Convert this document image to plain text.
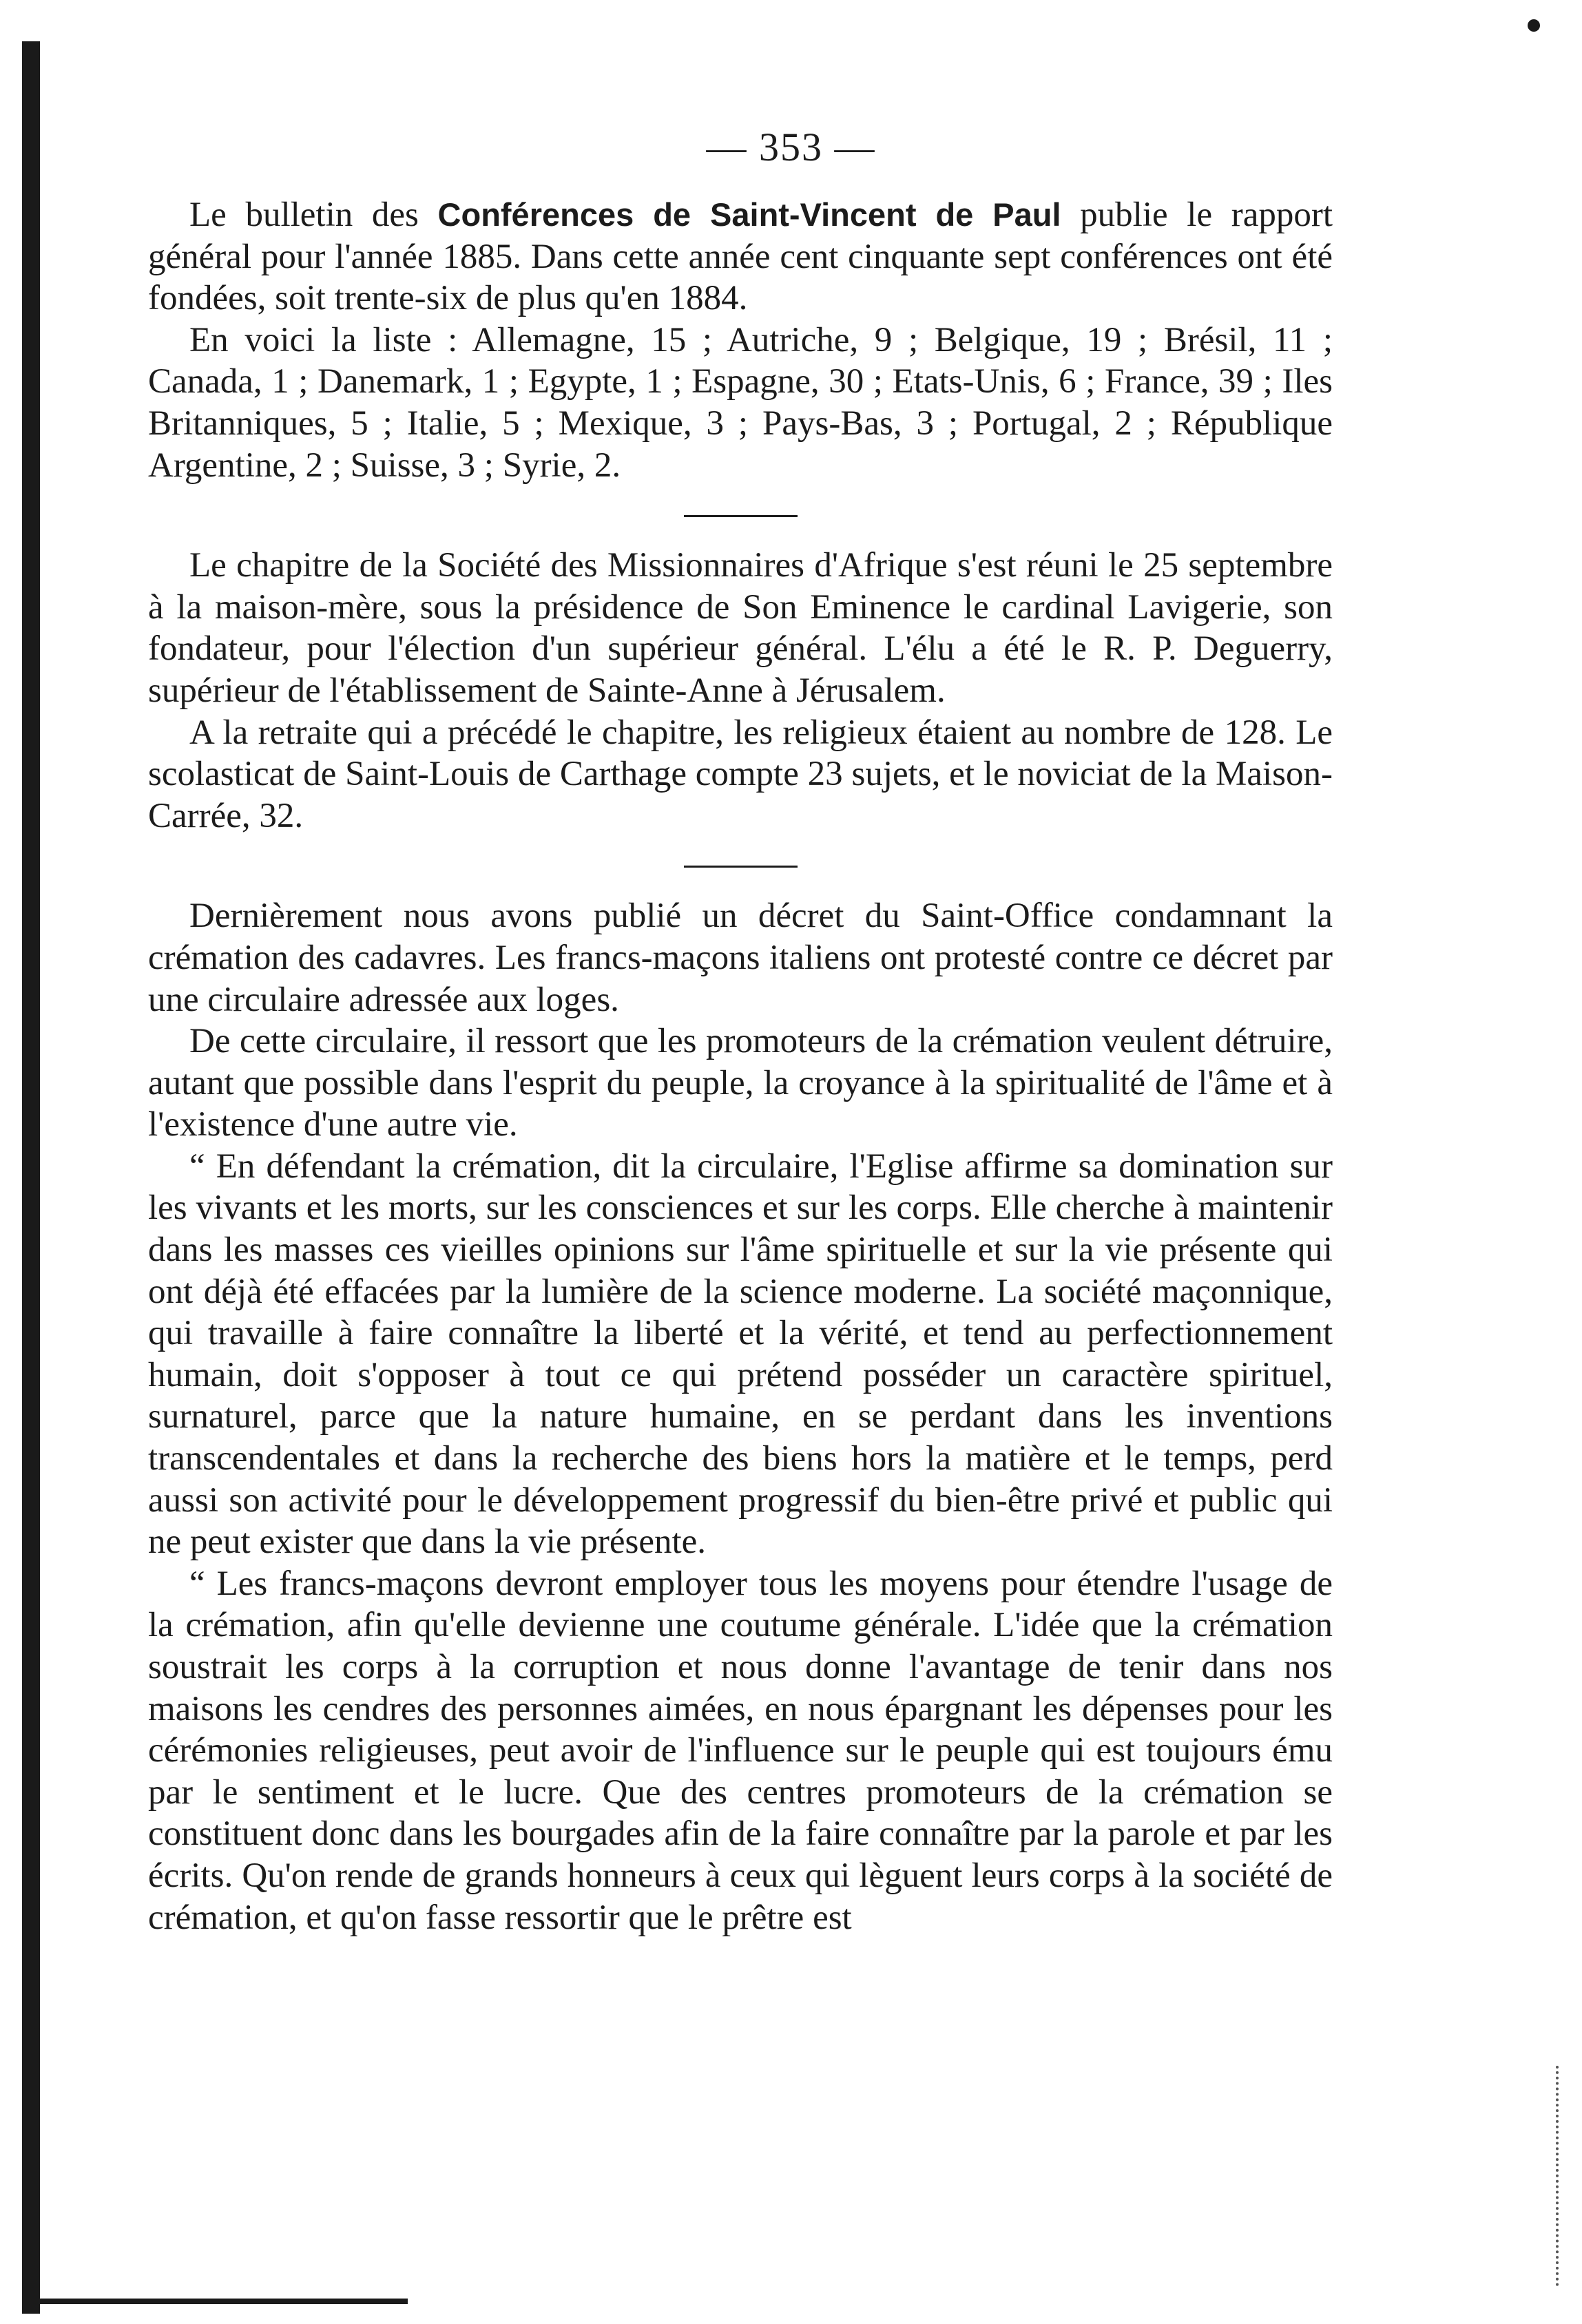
— 353 —

Le bulletin des Conférences de Saint-Vincent de Paul publie le rapport général pour l'année 1885. Dans cette année cent cinquante sept conférences ont été fondées, soit trente-six de plus qu'en 1884.

En voici la liste : Allemagne, 15 ; Autriche, 9 ; Belgique, 19 ; Brésil, 11 ; Canada, 1 ; Danemark, 1 ; Egypte, 1 ; Espagne, 30 ; Etats-Unis, 6 ; France, 39 ; Iles Britanniques, 5 ; Italie, 5 ; Mexique, 3 ; Pays-Bas, 3 ; Portugal, 2 ; République Argentine, 2 ; Suisse, 3 ; Syrie, 2.

Le chapitre de la Société des Missionnaires d'Afrique s'est réuni le 25 septembre à la maison-mère, sous la présidence de Son Eminence le cardinal Lavigerie, son fondateur, pour l'élection d'un supérieur général. L'élu a été le R. P. Deguerry, supérieur de l'établissement de Sainte-Anne à Jérusalem.

A la retraite qui a précédé le chapitre, les religieux étaient au nombre de 128. Le scolasticat de Saint-Louis de Carthage compte 23 sujets, et le noviciat de la Maison-Carrée, 32.

Dernièrement nous avons publié un décret du Saint-Office condamnant la crémation des cadavres. Les francs-maçons italiens ont protesté contre ce décret par une circulaire adressée aux loges.

De cette circulaire, il ressort que les promoteurs de la crémation veulent détruire, autant que possible dans l'esprit du peuple, la croyance à la spiritualité de l'âme et à l'existence d'une autre vie.

“ En défendant la crémation, dit la circulaire, l'Eglise affirme sa domination sur les vivants et les morts, sur les consciences et sur les corps. Elle cherche à maintenir dans les masses ces vieilles opinions sur l'âme spirituelle et sur la vie présente qui ont déjà été effacées par la lumière de la science moderne. La société maçonnique, qui travaille à faire connaître la liberté et la vérité, et tend au perfectionnement humain, doit s'opposer à tout ce qui prétend posséder un caractère spirituel, surnaturel, parce que la nature humaine, en se perdant dans les inventions transcendentales et dans la recherche des biens hors la matière et le temps, perd aussi son activité pour le développement progressif du bien-être privé et public qui ne peut exister que dans la vie présente.

“ Les francs-maçons devront employer tous les moyens pour étendre l'usage de la crémation, afin qu'elle devienne une coutume générale. L'idée que la crémation soustrait les corps à la corruption et nous donne l'avantage de tenir dans nos maisons les cendres des personnes aimées, en nous épargnant les dépenses pour les cérémonies religieuses, peut avoir de l'influence sur le peuple qui est toujours ému par le sentiment et le lucre. Que des centres promoteurs de la crémation se constituent donc dans les bourgades afin de la faire connaître par la parole et par les écrits. Qu'on rende de grands honneurs à ceux qui lèguent leurs corps à la société de crémation, et qu'on fasse ressortir que le prêtre est
